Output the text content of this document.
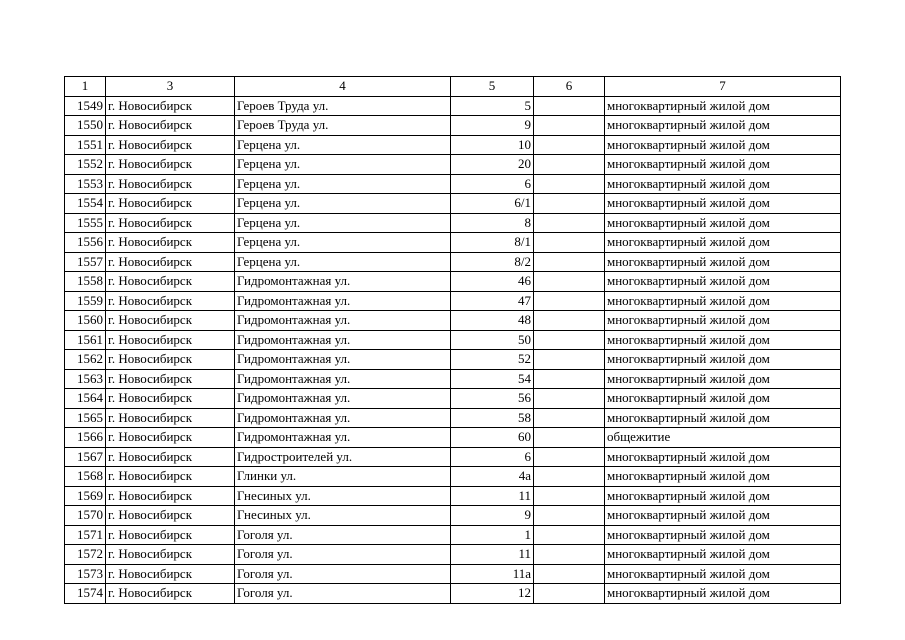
1	3	4	5	6	7
1549	г. Новосибирск	Героев Труда ул.	5		многоквартирный жилой дом
1550	г. Новосибирск	Героев Труда ул.	9		многоквартирный жилой дом
1551	г. Новосибирск	Герцена ул.	10		многоквартирный жилой дом
1552	г. Новосибирск	Герцена ул.	20		многоквартирный жилой дом
1553	г. Новосибирск	Герцена ул.	6		многоквартирный жилой дом
1554	г. Новосибирск	Герцена ул.	6/1		многоквартирный жилой дом
1555	г. Новосибирск	Герцена ул.	8		многоквартирный жилой дом
1556	г. Новосибирск	Герцена ул.	8/1		многоквартирный жилой дом
1557	г. Новосибирск	Герцена ул.	8/2		многоквартирный жилой дом
1558	г. Новосибирск	Гидромонтажная ул.	46		многоквартирный жилой дом
1559	г. Новосибирск	Гидромонтажная ул.	47		многоквартирный жилой дом
1560	г. Новосибирск	Гидромонтажная ул.	48		многоквартирный жилой дом
1561	г. Новосибирск	Гидромонтажная ул.	50		многоквартирный жилой дом
1562	г. Новосибирск	Гидромонтажная ул.	52		многоквартирный жилой дом
1563	г. Новосибирск	Гидромонтажная ул.	54		многоквартирный жилой дом
1564	г. Новосибирск	Гидромонтажная ул.	56		многоквартирный жилой дом
1565	г. Новосибирск	Гидромонтажная ул.	58		многоквартирный жилой дом
1566	г. Новосибирск	Гидромонтажная ул.	60		общежитие
1567	г. Новосибирск	Гидростроителей ул.	6		многоквартирный жилой дом
1568	г. Новосибирск	Глинки ул.	4а		многоквартирный жилой дом
1569	г. Новосибирск	Гнесиных ул.	11		многоквартирный жилой дом
1570	г. Новосибирск	Гнесиных ул.	9		многоквартирный жилой дом
1571	г. Новосибирск	Гоголя ул.	1		многоквартирный жилой дом
1572	г. Новосибирск	Гоголя ул.	11		многоквартирный жилой дом
1573	г. Новосибирск	Гоголя ул.	11а		многоквартирный жилой дом
1574	г. Новосибирск	Гоголя ул.	12		многоквартирный жилой дом
